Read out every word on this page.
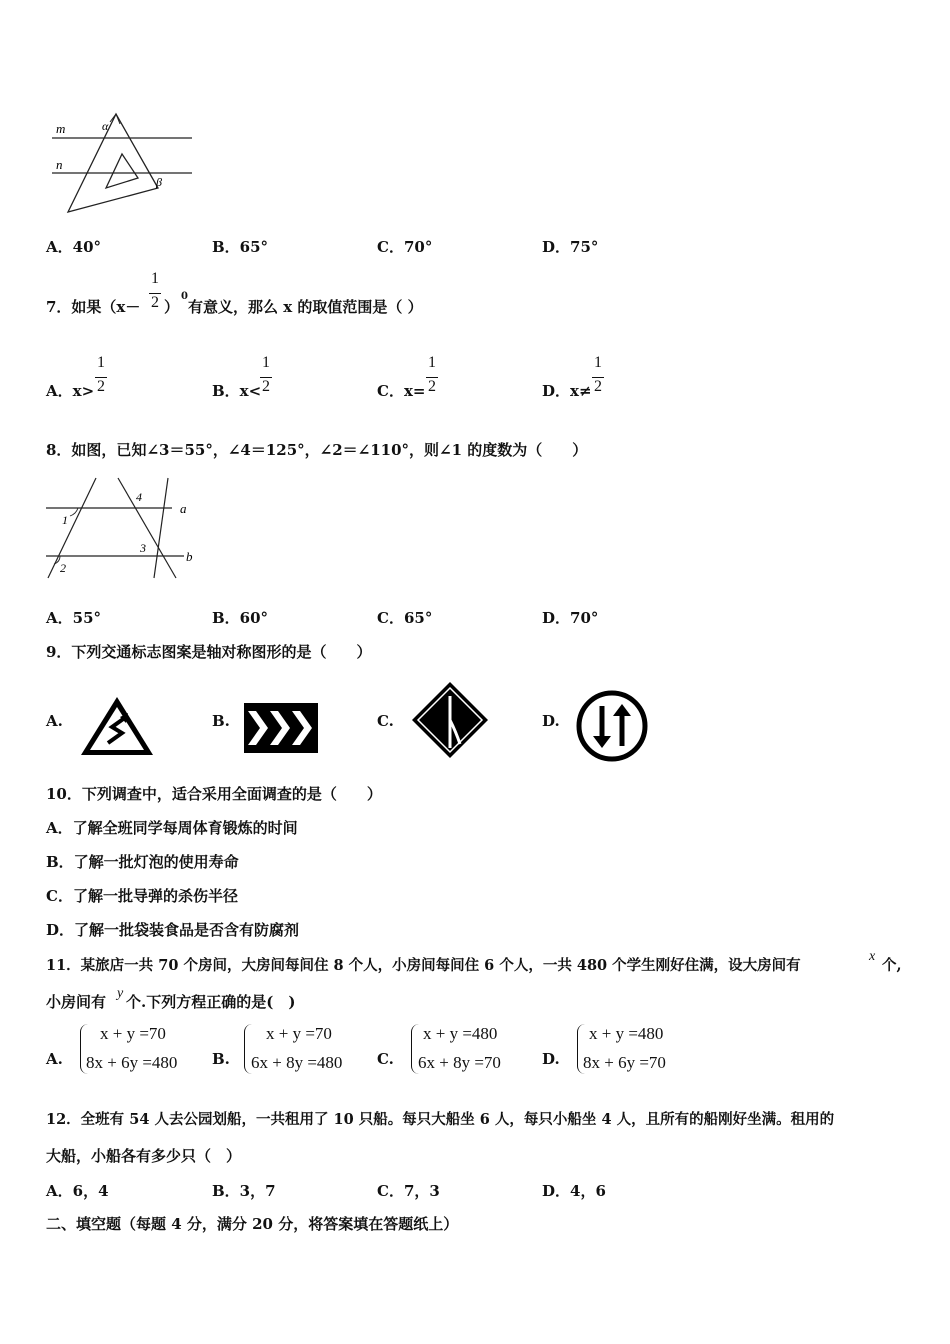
m
n
α
β
A．40°	B．65°	C．70°	D．75°
7．如果（x－
1
2 ）
0
有意义，那么 x 的取值范围是（ ）
A．x>
1
2	B．x<
1
2	C．x=
1
2	D．x≠
1
2
8．如图，已知∠3＝55°，∠4＝125°，∠2＝∠110°，则∠1 的度数为（　　）
a
b
1
2
3
4
A．55°	B．60°	C．65°	D．70°
9．下列交通标志图案是轴对称图形的是（　　）
A.	B.	C.	D.
10．下列调查中，适合采用全面调查的是（　　）
A．了解全班同学每周体育锻炼的时间
B．了解一批灯泡的使用寿命
C．了解一批导弹的杀伤半径
D．了解一批袋装食品是否含有防腐剂
11．某旅店一共 70 个房间，大房间每间住 8 个人，小房间每间住 6 个人，一共 480 个学生刚好住满，设大房间有
x
个,
小房间有 y 个.下列方程正确的是(　)
A.
x + y =70
8x + 6y =480 B.
x + y =70
6x + 8y =480 C.
x + y =480
6x + 8y =70	D.
x + y =480
8x + 6y =70
12．全班有 54 人去公园划船，一共租用了 10 只船。每只大船坐 6 人，每只小船坐 4 人，且所有的船刚好坐满。租用的
大船，小船各有多少只（　）
A．6，4	B．3，7	C．7，3	D．4，6
二、填空题（每题 4 分，满分 20 分，将答案填在答题纸上）
